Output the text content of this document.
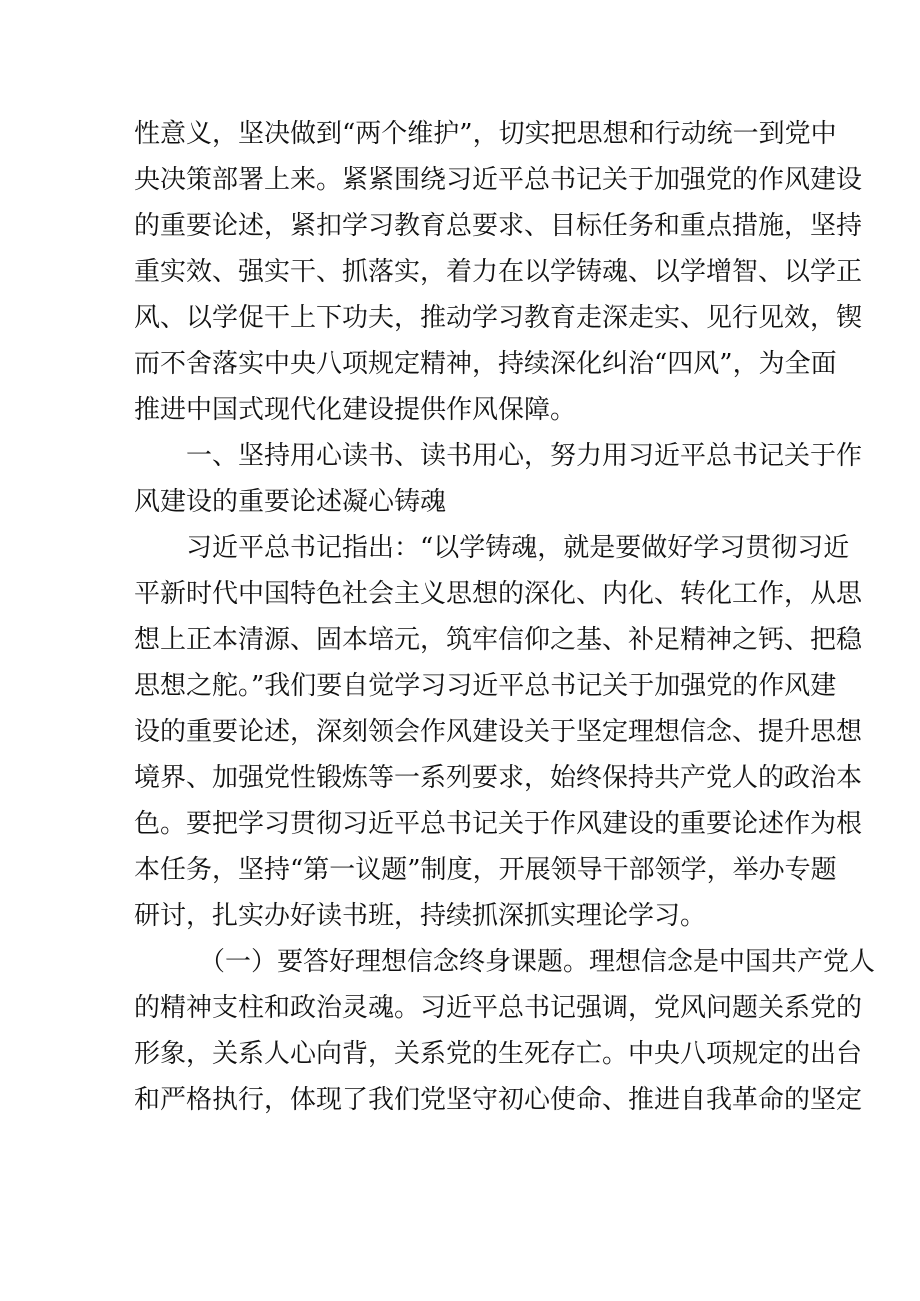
性意义，坚决做到“两个维护”，切实把思想和行动统一到党中
央决策部署上来。紧紧围绕习近平总书记关于加强党的作风建设
的重要论述，紧扣学习教育总要求、目标任务和重点措施，坚持
重实效、强实干、抓落实，着力在以学铸魂、以学增智、以学正
风、以学促干上下功夫，推动学习教育走深走实、见行见效，锲
而不舍落实中央八项规定精神，持续深化纠治“四风”，为全面
推进中国式现代化建设提供作风保障。
　　一、坚持用心读书、读书用心，努力用习近平总书记关于作
风建设的重要论述凝心铸魂
　　习近平总书记指出：“以学铸魂，就是要做好学习贯彻习近
平新时代中国特色社会主义思想的深化、内化、转化工作，从思
想上正本清源、固本培元，筑牢信仰之基、补足精神之钙、把稳
思想之舵。”我们要自觉学习习近平总书记关于加强党的作风建
设的重要论述，深刻领会作风建设关于坚定理想信念、提升思想
境界、加强党性锻炼等一系列要求，始终保持共产党人的政治本
色。要把学习贯彻习近平总书记关于作风建设的重要论述作为根
本任务，坚持“第一议题”制度，开展领导干部领学，举办专题
研讨，扎实办好读书班，持续抓深抓实理论学习。
　　　（一）要答好理想信念终身课题。理想信念是中国共产党人
的精神支柱和政治灵魂。习近平总书记强调，党风问题关系党的
形象，关系人心向背，关系党的生死存亡。中央八项规定的出台
和严格执行，体现了我们党坚守初心使命、推进自我革命的坚定
